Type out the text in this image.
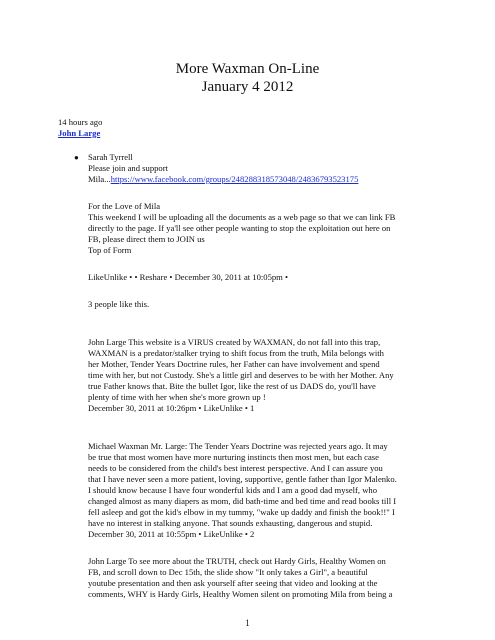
More Waxman On-Line
January 4 2012
14 hours ago
John Large
● Sarah Tyrrell
Please join and support
Mila...https://www.facebook.com/groups/248288318573048/24836793523175
For the Love of Mila
This weekend I will be uploading all the documents as a web page so that we can link FB
directly to the page. If ya'll see other people wanting to stop the exploitation out here on
FB, please direct them to JOIN us
Top of Form
LikeUnlike • • Reshare • December 30, 2011 at 10:05pm •
3 people like this.
John Large This website is a VIRUS created by WAXMAN, do not fall into this trap,
WAXMAN is a predator/stalker trying to shift focus from the truth, Mila belongs with
her Mother, Tender Years Doctrine rules, her Father can have involvement and spend
time with her, but not Custody. She's a little girl and deserves to be with her Mother. Any
true Father knows that. Bite the bullet Igor, like the rest of us DADS do, you'll have
plenty of time with her when she's more grown up !
December 30, 2011 at 10:26pm • LikeUnlike • 1
Michael Waxman Mr. Large: The Tender Years Doctrine was rejected years ago. It may
be true that most women have more nurturing instincts then most men, but each case
needs to be considered from the child's best interest perspective. And I can assure you
that I have never seen a more patient, loving, supportive, gentle father than Igor Malenko.
I should know because I have four wonderful kids and I am a good dad myself, who
changed almost as many diapers as mom, did bath-time and bed time and read books till I
fell asleep and got the kid's elbow in my tummy, "wake up daddy and finish the book!!" I
have no interest in stalking anyone. That sounds exhausting, dangerous and stupid.
December 30, 2011 at 10:55pm • LikeUnlike • 2
John Large To see more about the TRUTH, check out Hardy Girls, Healthy Women on
FB, and scroll down to Dec 15th, the slide show "It only takes a Girl", a beautiful
youtube presentation and then ask yourself after seeing that video and looking at the
comments, WHY is Hardy Girls, Healthy Women silent on promoting Mila from being a
1
